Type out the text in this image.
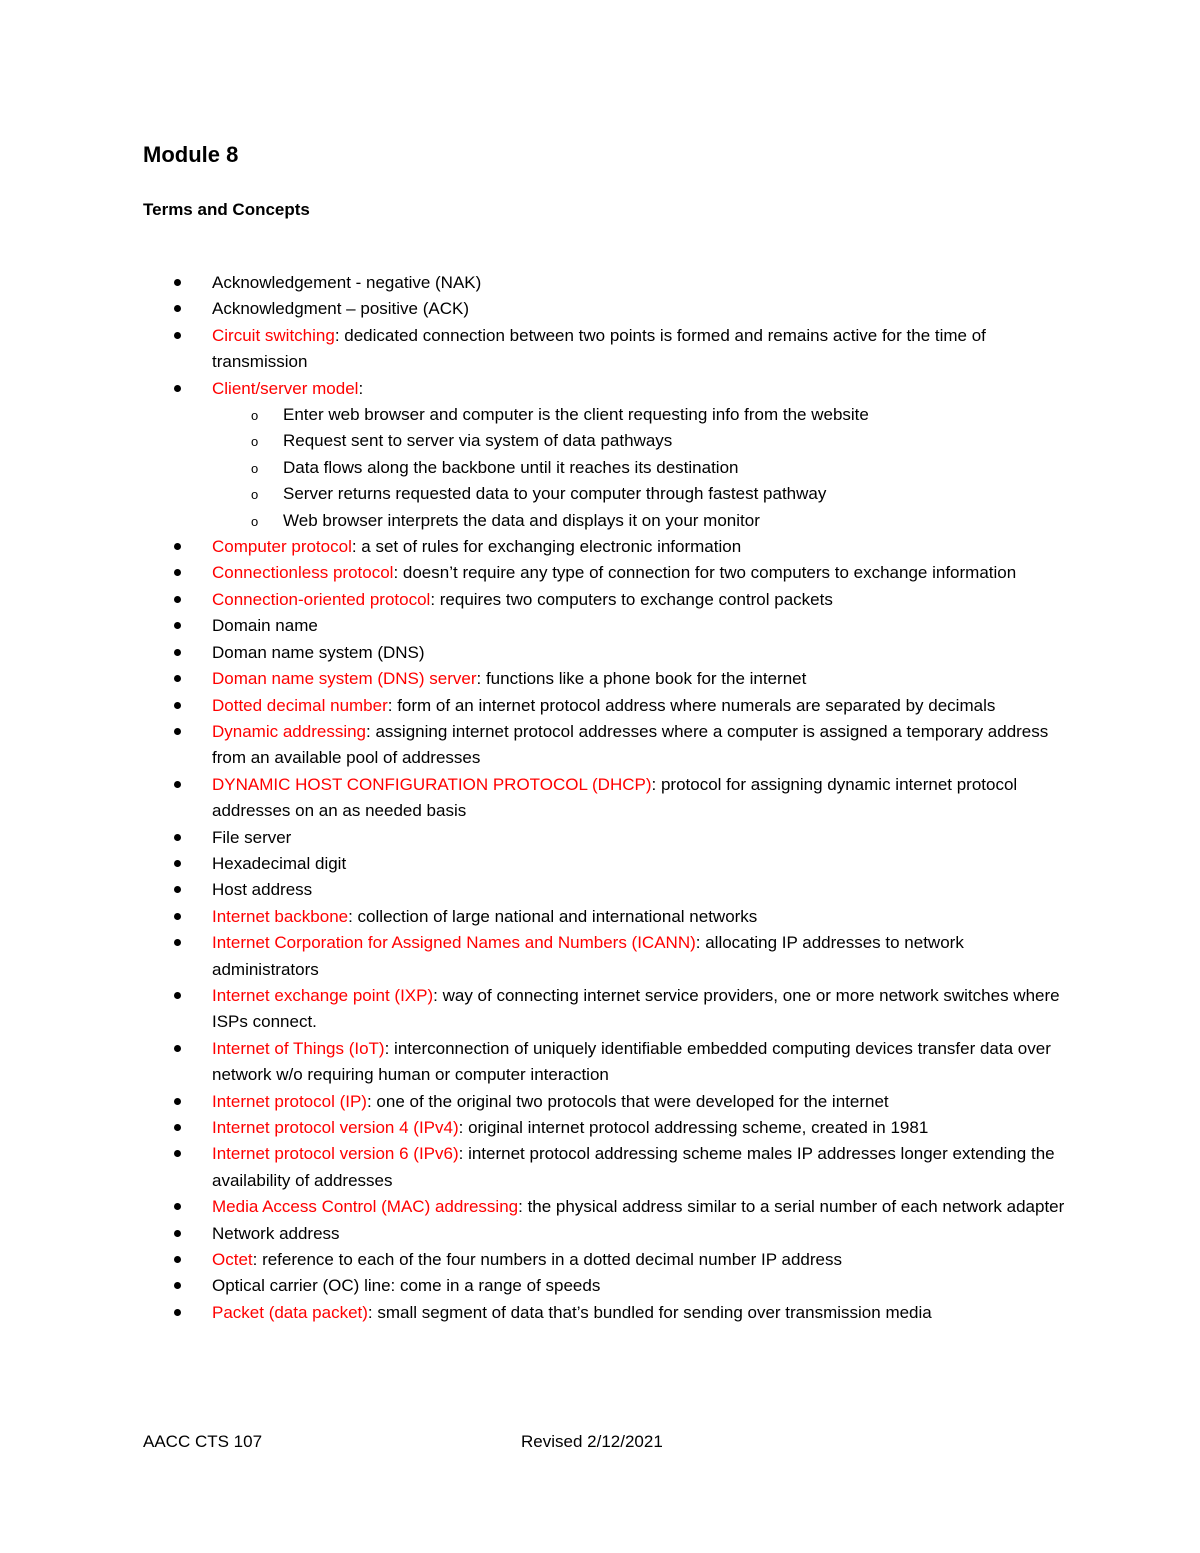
Module 8
Terms and Concepts
Acknowledgement - negative (NAK)
Acknowledgment – positive (ACK)
Circuit switching: dedicated connection between two points is formed and remains active for the time of transmission
Client/server model:
o Enter web browser and computer is the client requesting info from the website
o Request sent to server via system of data pathways
o Data flows along the backbone until it reaches its destination
o Server returns requested data to your computer through fastest pathway
o Web browser interprets the data and displays it on your monitor
Computer protocol: a set of rules for exchanging electronic information
Connectionless protocol: doesn’t require any type of connection for two computers to exchange information
Connection-oriented protocol: requires two computers to exchange control packets
Domain name
Doman name system (DNS)
Doman name system (DNS) server: functions like a phone book for the internet
Dotted decimal number: form of an internet protocol address where numerals are separated by decimals
Dynamic addressing: assigning internet protocol addresses where a computer is assigned a temporary address from an available pool of addresses
DYNAMIC HOST CONFIGURATION PROTOCOL (DHCP): protocol for assigning dynamic internet protocol addresses on an as needed basis
File server
Hexadecimal digit
Host address
Internet backbone: collection of large national and international networks
Internet Corporation for Assigned Names and Numbers (ICANN): allocating IP addresses to network administrators
Internet exchange point (IXP): way of connecting internet service providers, one or more network switches where ISPs connect.
Internet of Things (IoT): interconnection of uniquely identifiable embedded computing devices transfer data over network w/o requiring human or computer interaction
Internet protocol (IP): one of the original two protocols that were developed for the internet
Internet protocol version 4 (IPv4): original internet protocol addressing scheme, created in 1981
Internet protocol version 6 (IPv6): internet protocol addressing scheme males IP addresses longer extending the availability of addresses
Media Access Control (MAC) addressing: the physical address similar to a serial number of each network adapter
Network address
Octet: reference to each of the four numbers in a dotted decimal number IP address
Optical carrier (OC) line: come in a range of speeds
Packet (data packet): small segment of data that’s bundled for sending over transmission media
AACC CTS 107	Revised 2/12/2021
